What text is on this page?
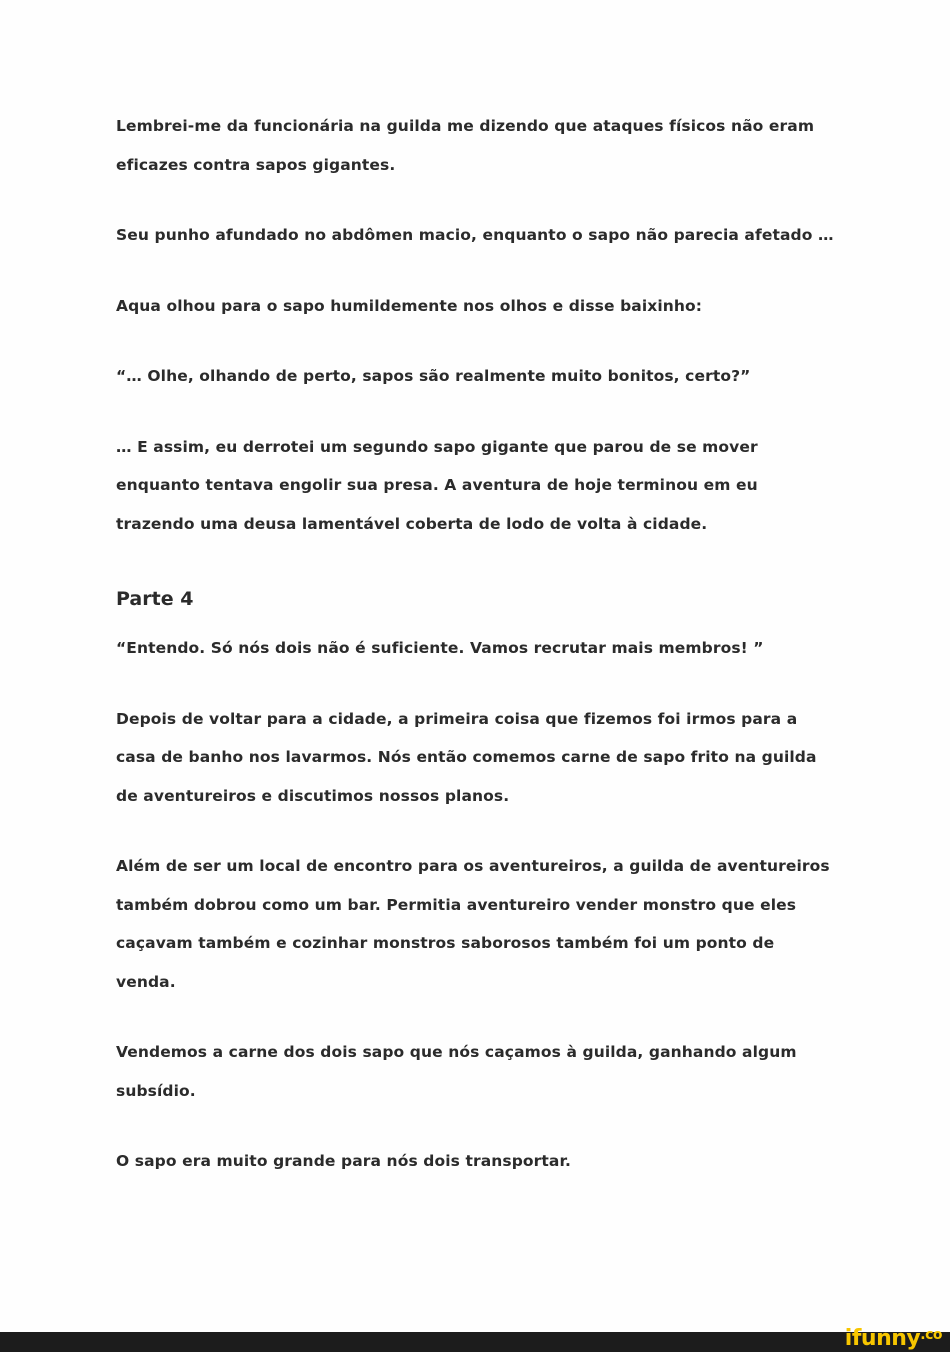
Lembrei-me da funcionária na guilda me dizendo que ataques físicos não eram eficazes contra sapos gigantes.

Seu punho afundado no abdômen macio, enquanto o sapo não parecia afetado …

Aqua olhou para o sapo humildemente nos olhos e disse baixinho:

“… Olhe, olhando de perto, sapos são realmente muito bonitos, certo?”

… E assim, eu derrotei um segundo sapo gigante que parou de se mover enquanto tentava engolir sua presa. A aventura de hoje terminou em eu trazendo uma deusa lamentável coberta de lodo de volta à cidade.

Parte 4

“Entendo. Só nós dois não é suficiente. Vamos recrutar mais membros! ”

Depois de voltar para a cidade, a primeira coisa que fizemos foi irmos para a casa de banho nos lavarmos. Nós então comemos carne de sapo frito na guilda de aventureiros e discutimos nossos planos.

Além de ser um local de encontro para os aventureiros, a guilda de aventureiros também dobrou como um bar. Permitia aventureiro vender monstro que eles caçavam também e cozinhar monstros saborosos também foi um ponto de venda.

Vendemos a carne dos dois sapo que nós caçamos à guilda, ganhando algum subsídio.

O sapo era muito grande para nós dois transportar.

ifunny$^{.co}$
